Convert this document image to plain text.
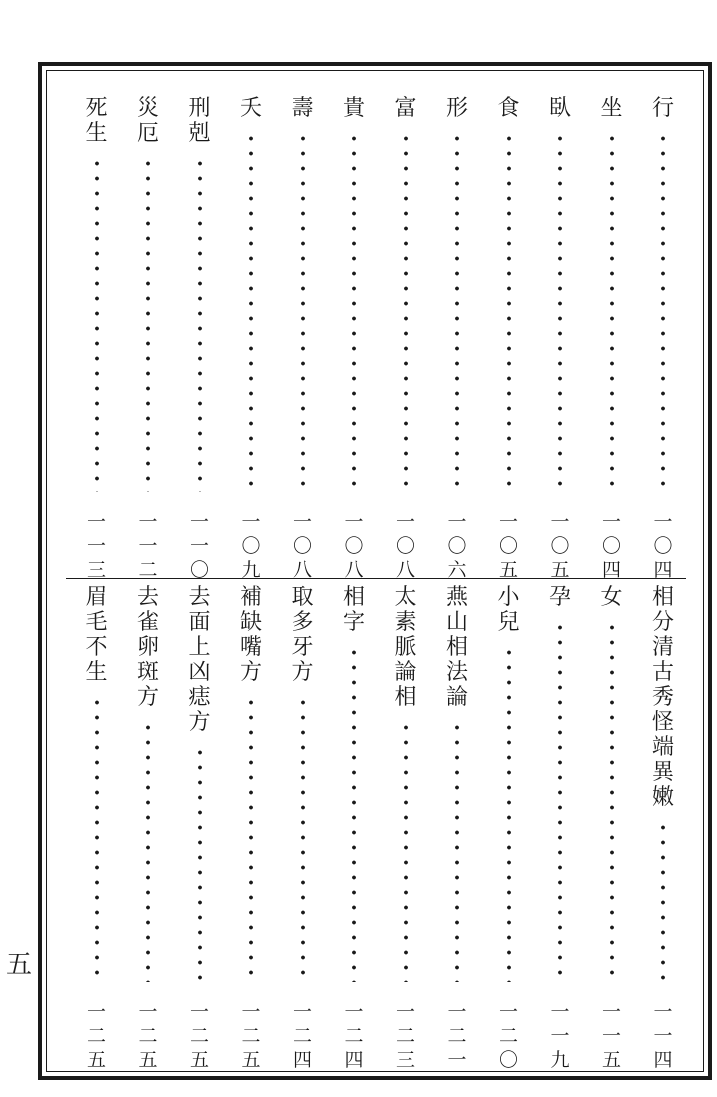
五
行
一〇四
坐
一〇四
臥
一〇五
食
一〇五
形
一〇六
富
一〇八
貴
一〇八
壽
一〇八
夭
一〇九
刑剋
一一〇
災厄
一一二
死生
一一三
相分清古秀怪端異嫩
一一四
女
一一五
孕
一一九
小兒
一二〇
燕山相法論
一二一
太素脈論相
一二三
相字
一二四
取多牙方
一二四
補缺嘴方
一二五
去面上凶痣方
一二五
去雀卵斑方
一二五
眉毛不生
一二五
